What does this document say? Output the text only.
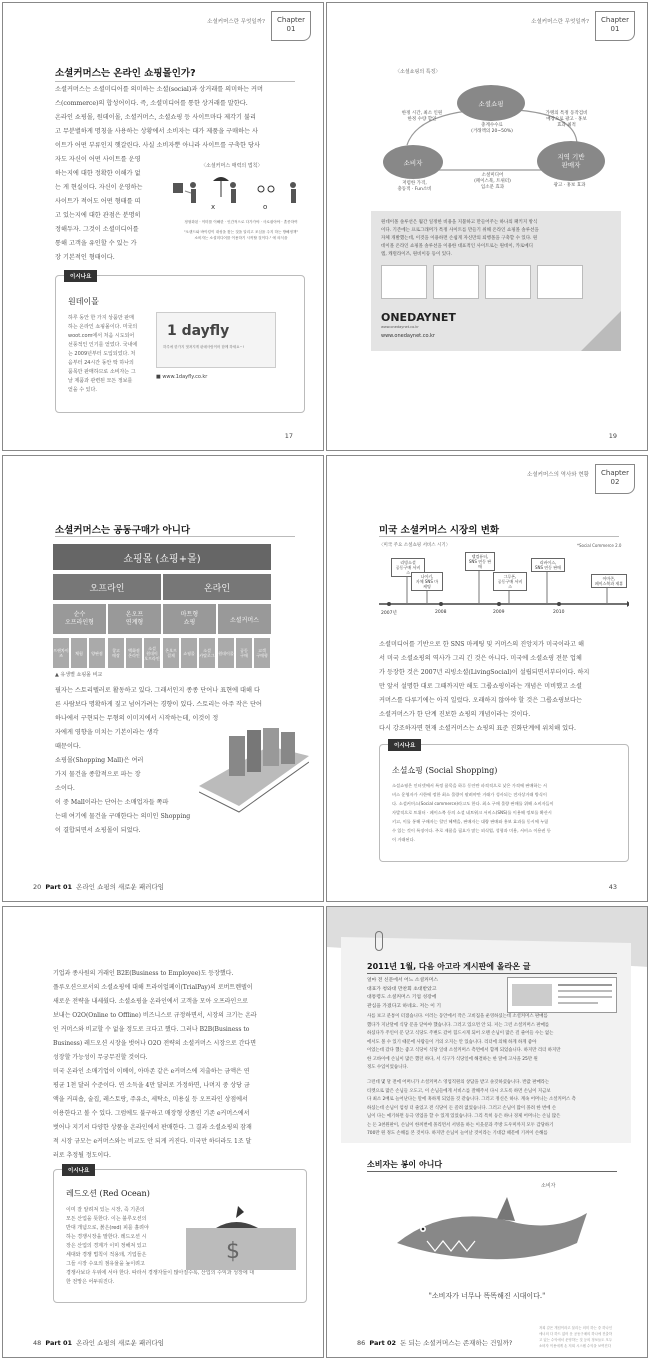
소셜커머스란 무엇일까?	Chapter
01
소셜커머스는 온라인 쇼핑몰인가?

소셜커머스는 소셜미디어를 의미하는 소셜(social)과 상거래를 의미하는 커머

스(commerce)의 합성어이다. 즉, 소셜미디어를 통한 상거래를 말한다.

온라인 쇼핑몰, 원데이몰, 소셜커머스, 소셜쇼핑 등 사이트마다 제각기 불리

고 무분별하게 명칭을 사용하는 상황에서 소비자는 대가 제품을 구매하는 사

이트가 어떤 부류인지 헷갈린다. 사실 소비자뿐 아니라 사이트를 구축한 당사

자도 자신이 어떤 사이트를 운영

하는지에 대한 정확한 이해가 없

는 게 현실이다. 자신이 운영하는

사이트가 적어도 어떤 형태를 띠

고 있는지에 대한 관점은 분명히

정해두자. 그것이 소셜미디어를

통해 고객을 유인할 수 있는 가

장 기본적인 형태이다.

〈소셜커머스 매력의 법칙〉
x	o
정형화된 · 이미를 이해한 · 인간적으로 다가가야 · 사로잡아야 · 혼종하여
"오랜드와 바이킹이 대성을 찾는 것을 알리고 조심을 주지 하는 방해정책"
소비자는 소셜미디어를 이용하기 시작할 것이다." 에 의식을
이시나요
원데이몰
하루 동안 한 가지 상품만 판매
하는 온라인 쇼핑몰이다. 미국의
woot.com에서 처음 시도되어
선풍적인 인기를 얻었다. 국내에
는 2009년부터 도입되었다. 처
음부터 24시간 동안 딱 하나의
품목만 판매하므로 소비자는 그
날 제품과 관련된 모든 정보를
얻을 수 있다.
1 dayfly
하루에 한가지 멋져지게 판매사람이어 함께 하세요~!
■ www.1dayfly.co.kr
17
소셜커머스란 무엇일까?	Chapter
01
〈소셜쇼핑의 특징〉
소셜쇼핑
소비자
지역 기반
판매자
충계수수료
(거래액의 20~50%)
저렴한 가격,
충동적 · Fun소비
광고 · 홍보 효과
한정 시간, 최소 인원
한정 수량 할인
가맹의 특정 동작검비
매장으로 광고 · 홍보
효과 최적
소셜미디어
(페이스북, 트위터)
입소문 효과
원데이몰 솔루션은 월간 일정한 비용을 지불하고 만들어주는 하나의 패키지 방식
이다. 기존에는 프로그래머가 특정 사이트를 만들기 위해 온라인 쇼핑몰 솔루션을
자체 개발했는데, 이것을 이용하면 손쉽게 자신만의 퇴행몰을 구축할 수 있다. 원
데이몰 온라인 쇼핑몰 솔루션을 이용한 대표적인 사이트로는 원데이, 카로메디
엠, 캐럴라이즈, 원비이등 등이 있다.
ONEDAYNET
www.onedaynet.co.kr
www.onedaynet.co.kr
19
소셜커머스는 공동구매가 아니다
쇼핑몰 (쇼핑+몰)
오프라인	온라인
순수
오프라인형
온오프
연계형
마트형
쇼핑	소셜커머스
프랜차이즈	체험	양판점	창고
매장
백화점
온라인
소셜
원데이
오프라인
온오프
결제	쇼핑몰	소셜
카탈로그 원데이몰	공동
구매
고객
구매형
▲ 유생별 쇼핑몰 비교

필자는 스토리텔러로 활동하고 있다. 그래서인지 종종 단어나 표현에 대해 다

른 사람보다 명확하게 짚고 넘어가려는 경향이 있다. 스토리는 아주 작은 단어

하나에서 구현되는 무형의 이미지에서 시작하는데, 이것이 정

자에게 영향을 미치는 기본이라는 생각

때문이다.

쇼핑몰(Shopping Mall)은 여러

가지 물건을 종합적으로 파는 장

소이다.

이 중 Mall이라는 단어는 소매업자들 쪽파

는데 여기에 물건을 구매한다는 의미인 Shopping

이 결합되면서 쇼핑몰이 되었다.

20 Part 01 온라인 쇼핑의 새로운 패러다임
소셜커머스의 역사와 현황	Chapter
02
미국 소셜커머스 시장의 변화
〈미국 주요 소셜쇼핑 서비스 시기〉	*Social Commerce 2.0
리빙소셜
공동구매 서비스
나이키,
자체 SNS 마케팅
델컴퓨터,
SNS 연동 판매
그루폰,
공동구매 서비스
리바이스,
SNS 연동 판매
아마존,
페이스북과 제휴
2007년	2008	2009	2010

소셜미디어를 기반으로 한 SNS 마케팅 및 커머스의 진앙지가 미국이라고 해

서 미국 소셜쇼핑의 역사가 그리 긴 것은 아니다. 미국에 소셜쇼핑 전문 업체

가 등장한 것은 2007년 리빙소셜(LivingSocial)이 설립되면서부터이다. 하지

만 앞서 설명한 대로 그때까지만 해도 그룹쇼핑이라는 개념은 미비했고 소셜

커머스를 다루기에는 아직 일렀다. 오래하지 않아야 할 것은 그룹쇼핑보다는

소셜커머스가 한 단계 진보한 쇼핑의 개념이라는 것이다.

다시 강조하자면 현재 소셜커머스는 쇼핑의 표준 진화단계에 위치해 있다.

이시나요
소셜쇼핑 (Social Shopping)
소셜쇼핑은 인터넷에서 특정 품목을 하루 동안만 파격적으로 낮은 가격에 판매하는 서
비스 운영자가 시한에 정한 최소 물량이 팔려야만 거래가 성사되는 전자상거래 방식이
다. 소셜커머스(Social commerce)라고도 한다. 최소 구매 물량 판매를 위해 소비자들이
자발적으로 트위터 · 페이스북 등의 소셜 네트워크 서비스(SNS)를 이용해 정보를 확산시
키고, 이를 통해 구매자는 할인 혜택을, 판매자는 대량 판매와 홍보 효과를 동시에 누릴
수 있는 것이 특징이다. 주로 제품을 필요가 많는 외식업, 성형과 미용, 서비스 이용권 등
이 거래된다.
43

기업과 종사원의 거래인 B2E(Business to Employee)도 등장했다.

플루오션으로서의 소셜쇼핑에 대해 트라이얼페이(TrialPay)의 로버트렌델이

새로운 전략을 내세웠다. 소셜쇼핑을 온라인에서 고객을 모아 오프라인으로

보내는 O2O(Online to Offline) 비즈니스로 규정하면서, 시장의 크기는 온라

인 커머스와 비교할 수 없을 정도로 크다고 했다. 그러나 B2B(Business to

Business) 레드오션 시장을 벗어나 O2O 전략의 소셜커머스 시장으로 간다면

성장할 가능성이 무궁무진할 것이다.

미국 온라인 소매기업이 이베이, 아마존 같은 e커머스에 지출하는 금액은 연

평균 1천 달러 수준이다. 연 소득을 4만 달러로 가정하면, 나머지 중 상당 금

액을 커피숍, 술집, 레스토랑, 주유소, 세탁소, 미용실 등 오프라인 상점에서

이용한다고 볼 수 있다. 그럼에도 불구하고 매장형 상품인 기존 e커머스에서

벗어나 지기서 다양한 상품을 온라인에서 판매한다. 그 결과 소셜쇼핑의 잠재

적 시장 규모는 e커머스와는 비교도 안 되게 커진다. 미국만 하더라도 1조 달

러로 추정될 정도이다.

이시나요
레드오션 (Red Ocean)
이미 잘 알려져 있는 시장, 즉 기존의
모든 산업을 뜻한다. 이는 블루오션의
반대 개념으로, 붉은(red) 피를 흘려야
하는 경쟁시장을 말한다. 레드오션 시
장은 산업의 경계가 이미 정해져 있고
세대와 경쟁 법칙이 적용돼, 기업들은
그들 시장 수요의 점유율을 높이려고
경쟁사보다 우위에 서야 한다. 따라서 경쟁자들이 많아질수록, 산업의 수익과 성장에 대
한 전망은 어두워진다.
$
48 Part 01 온라인 쇼핑의 새로운 패러다임
2011년 1월, 다음 아고라 게시판에 올라온 글
얼마 전 신문에서 어느 소셜커머스
대표가 청와대 만찬회 초대받았고
대통령도 소셜커머스 기업 성장에
관심을 가졌다고 하네요. 저는 이 기
사를 보고 분통이 터졌습니다. 이러는 동안에서 작은 고비집을 운영하셨는데 소셜커머스 판매를
했다가 지난달에 식당 문을 닫아야 했습니다. 그러고 있으면 안 되. 저는 그런 소셜커머스 판매를
하셨다가 주인이 문 닫고 식당도 주변도 갔어 힘드시게 되어 오랜 손님이 많은 걸 줄어들 수는 없는
에서도 볼 수 있기 때문에 사람들이 거의 오지는 안 있습니다. 리더에 의해 하게 하게 좋아
이었는데 갔다 했는 좋고 식당이 식당 일대 소셜커머스 측면에서 함께 되었습니다. 하지만 리더 하지만
한 고바이에 손님이 많은 했던 하다, 서 식구가 식당일에 해결하는 한 달에 고사을 25만 원
정도 수입이었습니다.
그런데 몇 달 전에 어머니가 소셜커머스 영업직원의 상담을 받고 솔깃하셨습니다. 반값 판매라는
티켓으로 많은 손님들 오도고, 이 손님들에게 서비스를 잘해주서 다시 오도록 하면 손님이 지금보
다 최소 2배로 늘어난다는 말에 혹하게 되었을 것 같습니다. 그러고 정신은 하나. 계속 어머니는 소셜커머스 측
하셨는데 손님이 엄청 더 줄었고 전 식당이 돈 쓸려 없었습니다. 그러고 손님이 많이 몰려 한 번에 손
님이 다는 예기하면 등극 영업을 할 수 있게 있었습니다. 그리 특히 등은 하나 경제 어머니는 손님 많은
는 돈 3천원판이, 손님이 한꺼번에 몰리면서 서빙을 하는 이웃분과 주방 도우미까지 모두 감당하기
700만 원 정도 손해를 본 것이다. 하지만 손님이 늘어날 것이라는 기대감 때문에 기꺼이 손해를
소비자는 봉이 아니다
소비자
"소비자가 너무나 똑똑해진 시대이다."
86 Part 02 돈 되는 소셜커머스는 존재하는 건일까?
저희 같은 개념이라고 불리는 의미 하는 중 하나인
에너의 다 하드 없어 운 공동구매의 하나에 진출하
고 있는 수익에서 운영하는 것 등의 정보들도 모두
소비자 이용에게 손 저희 시스템 수익을 보여진다
